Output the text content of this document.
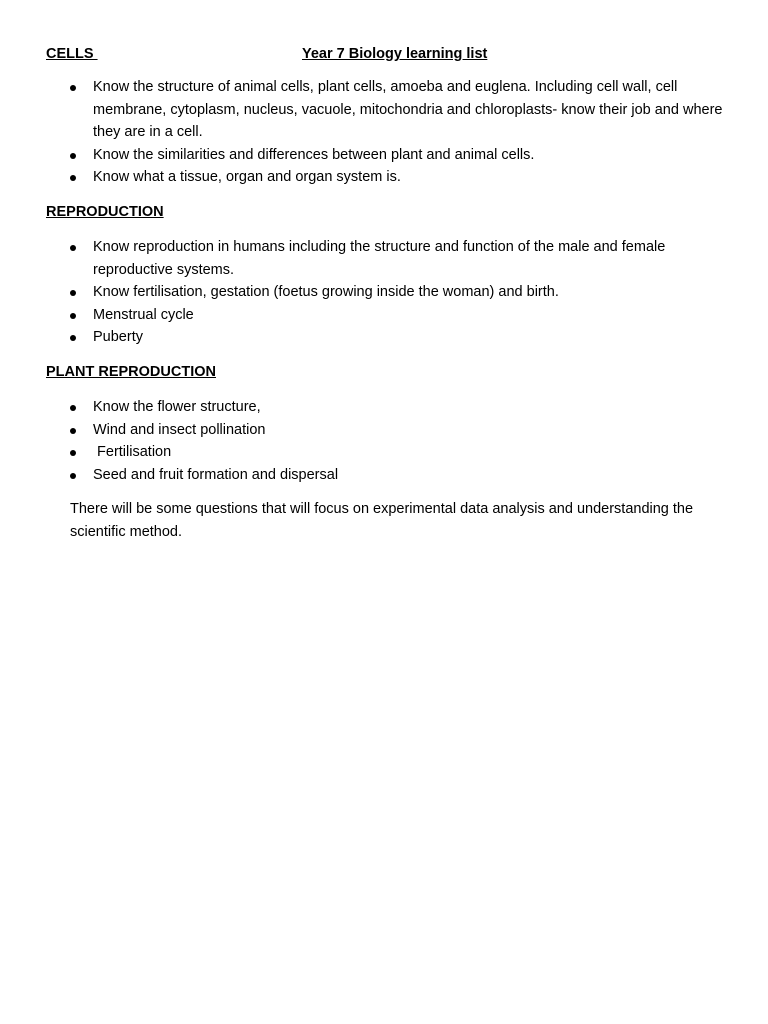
CELLS	Year 7 Biology learning list
Know the structure of animal cells, plant cells, amoeba and euglena. Including cell wall, cell membrane, cytoplasm, nucleus, vacuole, mitochondria and chloroplasts- know their job and where they are in a cell.
Know the similarities and differences between plant and animal cells.
Know what a tissue, organ and organ system is.
REPRODUCTION
Know reproduction in humans including the structure and function of the male and female reproductive systems.
Know fertilisation, gestation (foetus growing inside the woman) and birth.
Menstrual cycle
Puberty
PLANT REPRODUCTION
Know the flower structure,
Wind and insect pollination
Fertilisation
Seed and fruit formation and dispersal

There will be some questions that will focus on experimental data analysis and understanding the scientific method.
